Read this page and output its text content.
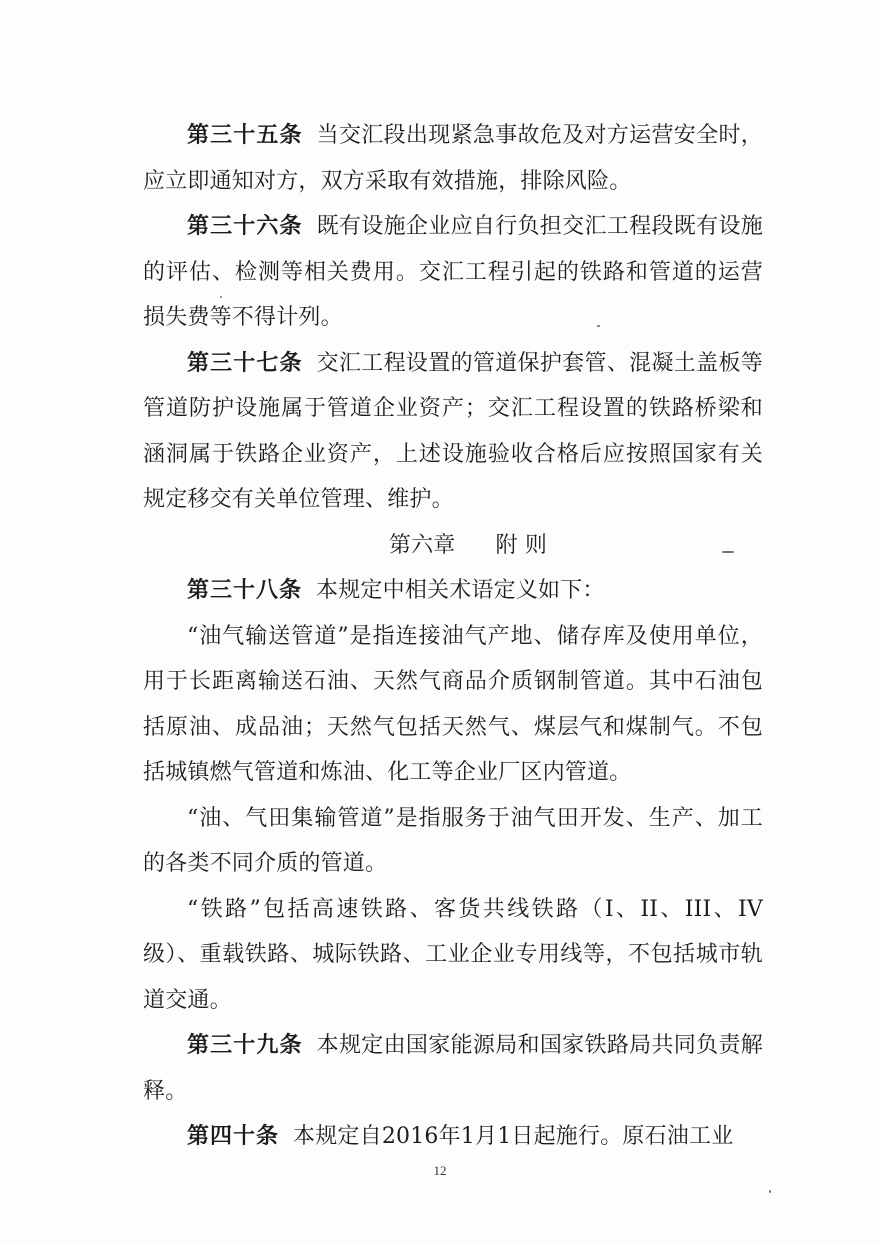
第三十五条 当交汇段出现紧急事故危及对方运营安全时，应立即通知对方，双方采取有效措施，排除风险。

第三十六条 既有设施企业应自行负担交汇工程段既有设施的评估、检测等相关费用。交汇工程引起的铁路和管道的运营损失费等不得计列。

第三十七条 交汇工程设置的管道保护套管、混凝土盖板等管道防护设施属于管道企业资产；交汇工程设置的铁路桥梁和涵洞属于铁路企业资产，上述设施验收合格后应按照国家有关规定移交有关单位管理、维护。

第六章 附 则

第三十八条 本规定中相关术语定义如下：

“油气输送管道”是指连接油气产地、储存库及使用单位，用于长距离输送石油、天然气商品介质钢制管道。其中石油包括原油、成品油；天然气包括天然气、煤层气和煤制气。不包括城镇燃气管道和炼油、化工等企业厂区内管道。

“油、气田集输管道”是指服务于油气田开发、生产、加工的各类不同介质的管道。

“铁路”包括高速铁路、客货共线铁路（I、II、III、IV级）、重载铁路、城际铁路、工业企业专用线等，不包括城市轨道交通。

第三十九条 本规定由国家能源局和国家铁路局共同负责解释。

第四十条 本规定自2016年1月1日起施行。原石油工业

12
